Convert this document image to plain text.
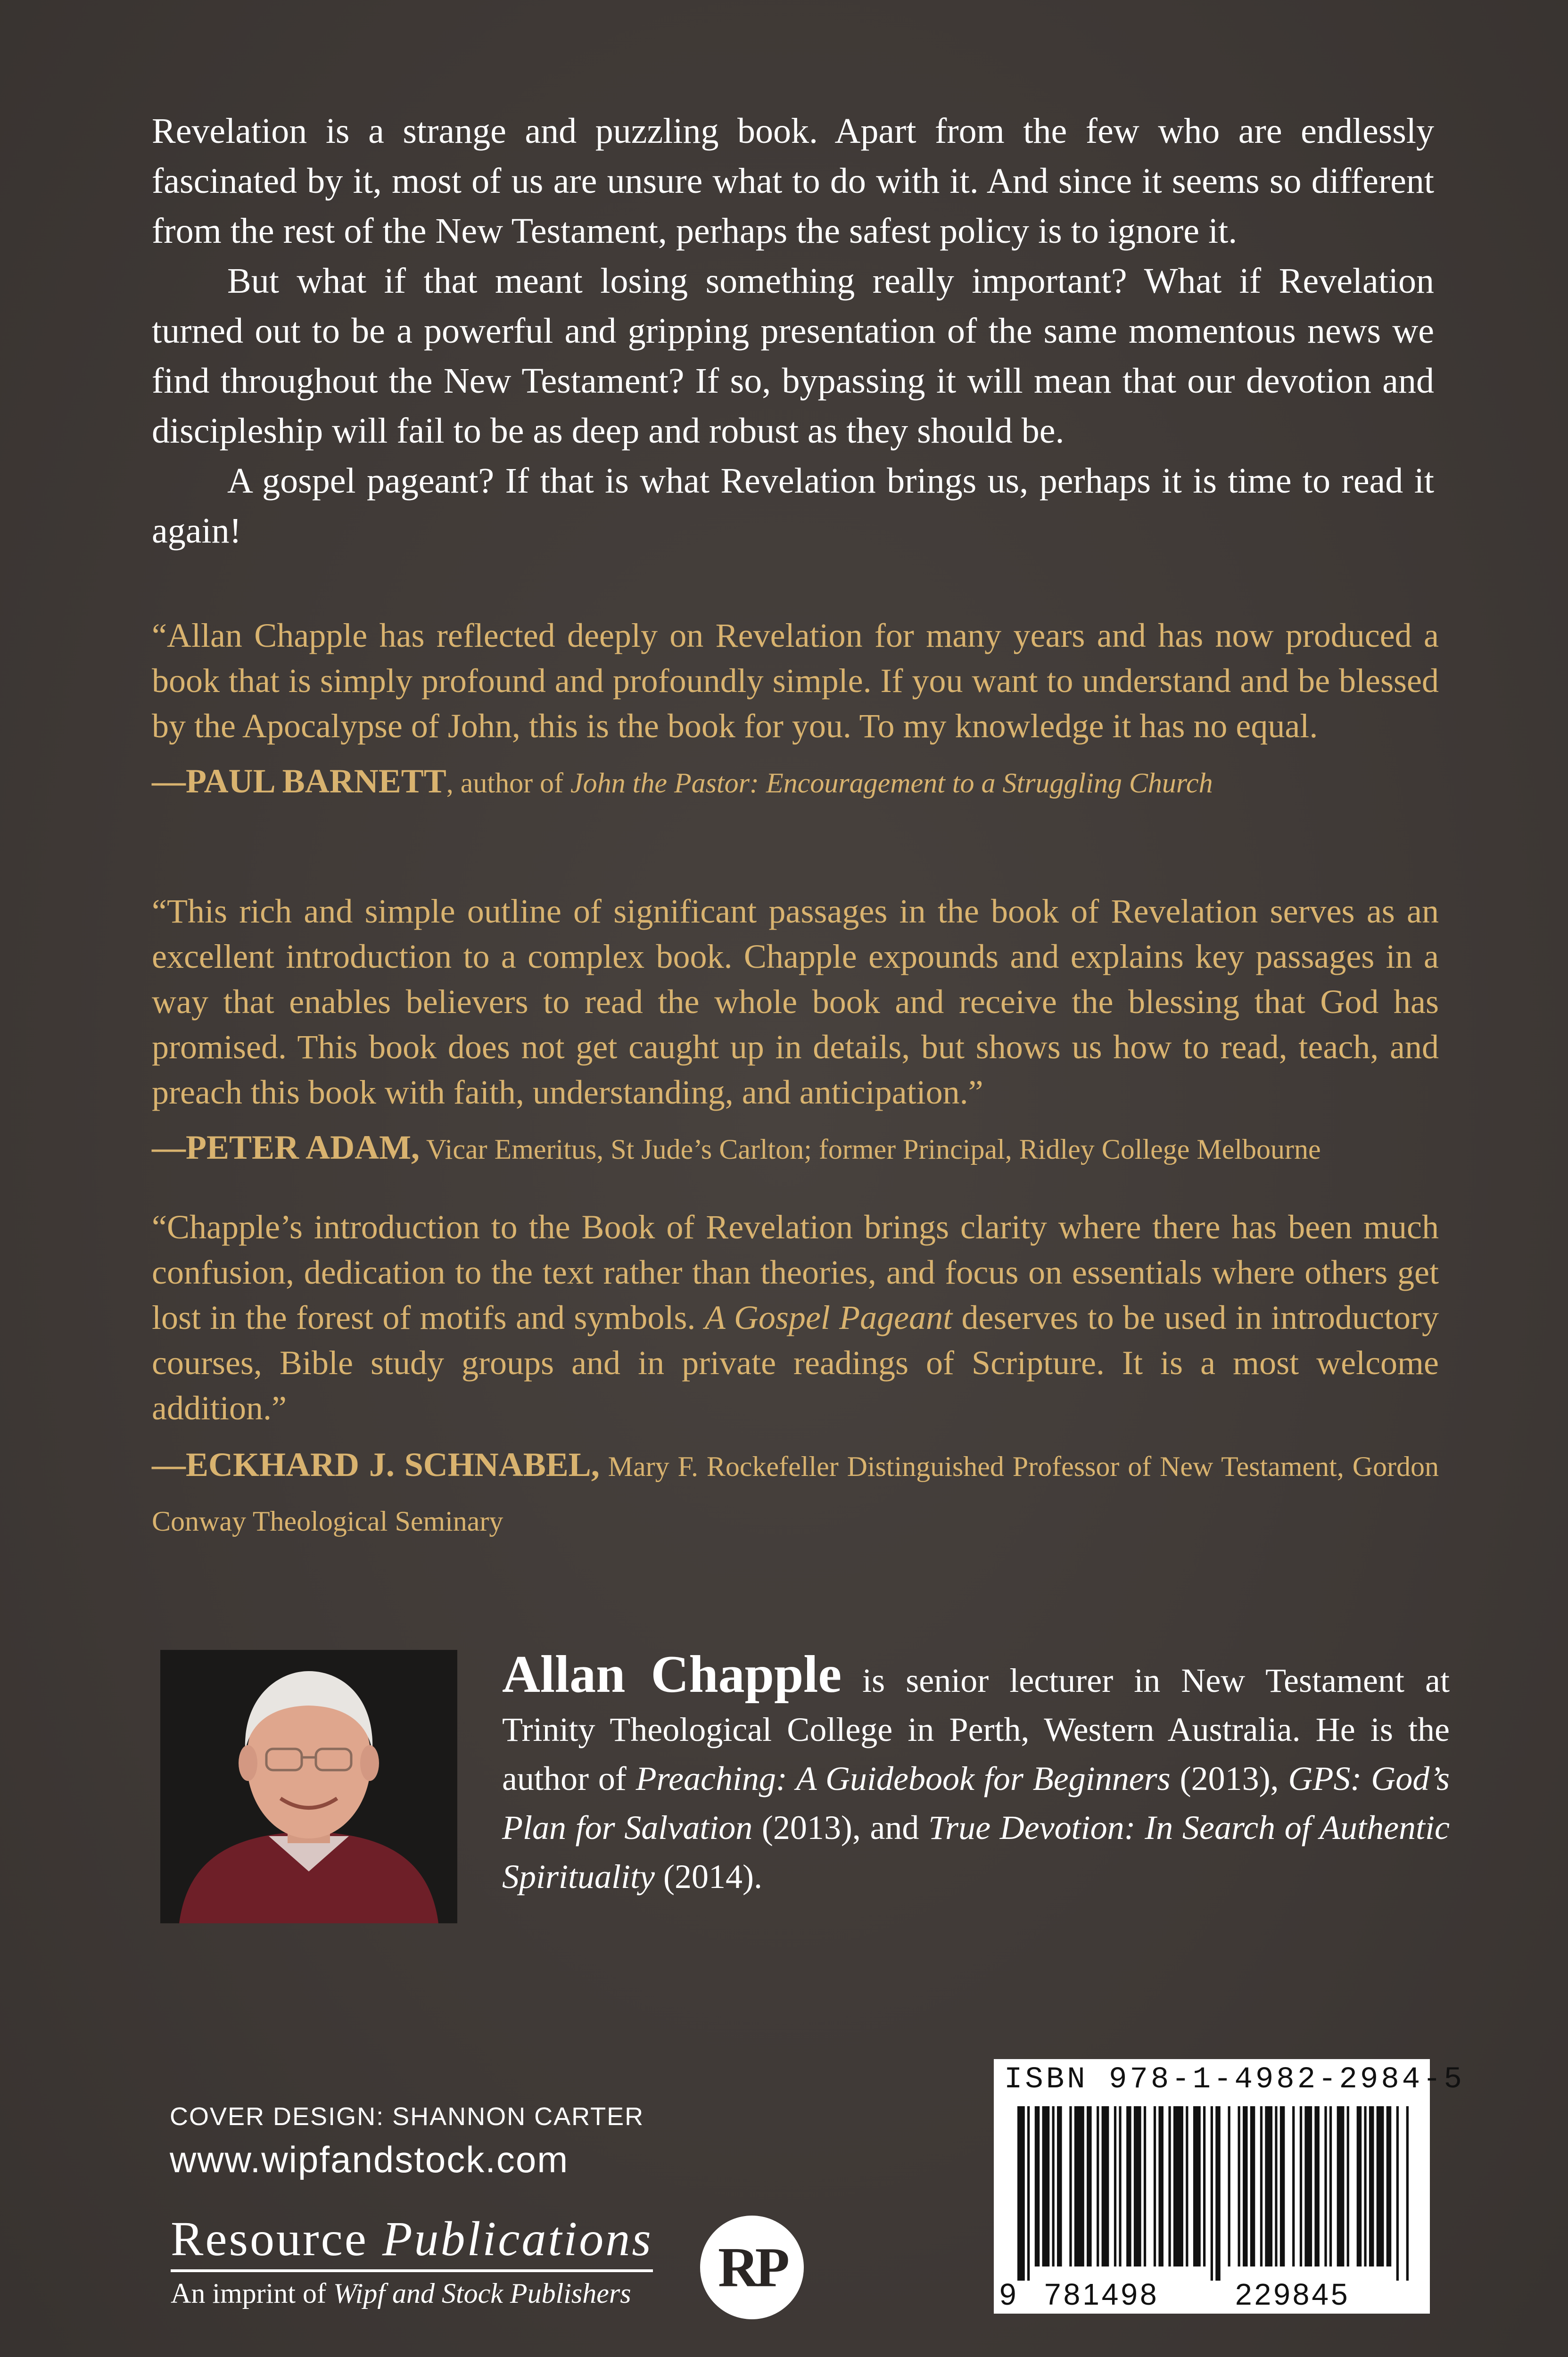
Revelation is a strange and puzzling book. Apart from the few who are endlessly fascinated by it, most of us are unsure what to do with it. And since it seems so different from the rest of the New Testament, perhaps the safest policy is to ignore it.

But what if that meant losing something really important? What if Revelation turned out to be a powerful and gripping presentation of the same momentous news we find throughout the New Testament? If so, bypassing it will mean that our devotion and discipleship will fail to be as deep and robust as they should be.

A gospel pageant? If that is what Revelation brings us, perhaps it is time to read it again!

“Allan Chapple has reflected deeply on Revelation for many years and has now produced a book that is simply profound and profoundly simple. If you want to understand and be blessed by the Apocalypse of John, this is the book for you. To my knowledge it has no equal.

—PAUL BARNETT, author of John the Pastor: Encouragement to a Struggling Church

“This rich and simple outline of significant passages in the book of Revelation serves as an excellent introduction to a complex book. Chapple expounds and explains key passages in a way that enables believers to read the whole book and receive the blessing that God has promised. This book does not get caught up in details, but shows us how to read, teach, and preach this book with faith, understanding, and anticipation.”

—PETER ADAM, Vicar Emeritus, St Jude’s Carlton; former Principal, Ridley College Melbourne

“Chapple’s introduction to the Book of Revelation brings clarity where there has been much confusion, dedication to the text rather than theories, and focus on essentials where others get lost in the forest of motifs and symbols. A Gospel Pageant deserves to be used in introductory courses, Bible study groups and in private readings of Scripture. It is a most welcome addition.”

—ECKHARD J. SCHNABEL, Mary F. Rockefeller Distinguished Professor of New Testament, Gordon Conway Theological Seminary
Allan Chapple is senior lecturer in New Testament at Trinity Theological College in Perth, Western Australia. He is the author of Preaching: A Guidebook for Beginners (2013), GPS: God’s Plan for Salvation (2013), and True Devotion: In Search of Authentic Spirituality (2014).
COVER DESIGN: SHANNON CARTER
www.wipfandstock.com
Resource Publications
An imprint of Wipf and Stock Publishers	RP
ISBN 978-1-4982-2984-5
9 781498	229845
